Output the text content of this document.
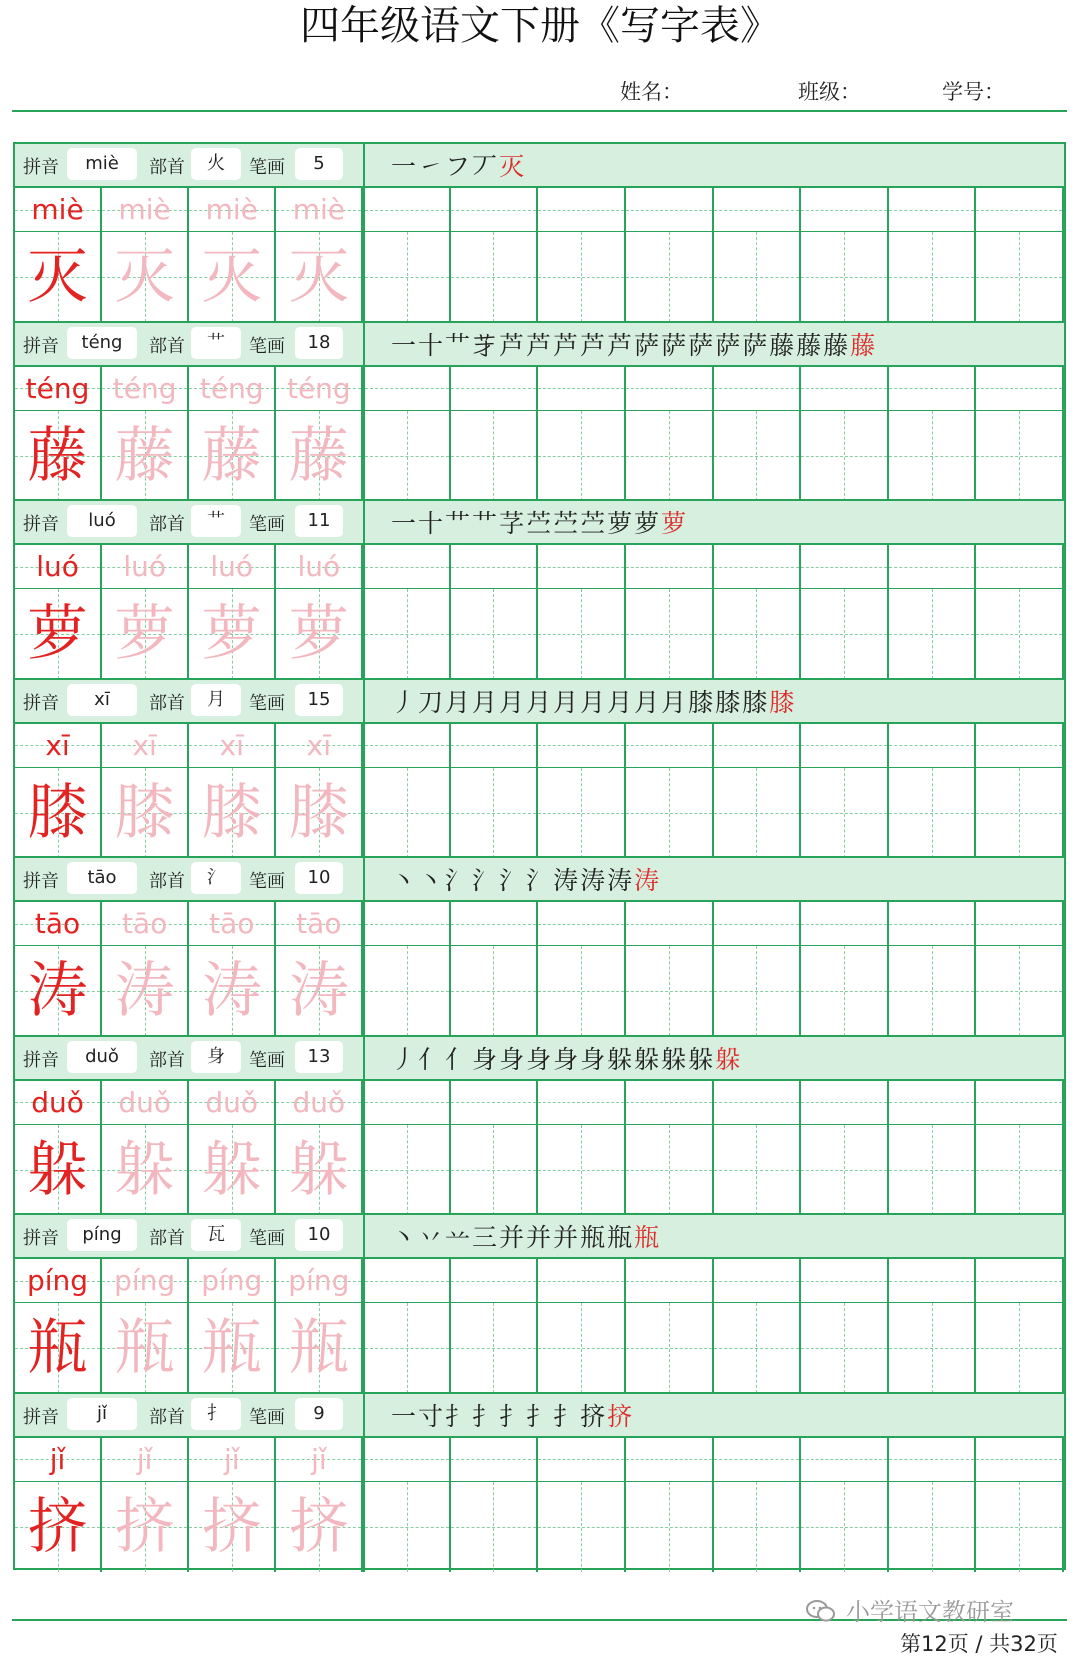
四年级语文下册《写字表》
姓名：	班级：	学号：
拼音	miè	部首	火	笔画	5	一㇀フ丆灭
miè
灭
miè
灭
miè
灭
miè
灭
拼音	téng	部首	艹	笔画	18	一十艹𦬁芦芦芦芦芦萨萨萨萨萨藤藤藤藤
téng
藤
téng
藤
téng
藤
téng
藤
拼音	luó	部首	艹	笔画	11	一十艹艹芓苎苎苎萝萝萝
luó
萝
luó
萝
luó
萝
luó
萝
拼音	xī	部首	月	笔画	15	丿刀月月月月月月月月月膝膝膝膝
xī
膝
xī
膝
xī
膝
xī
膝
拼音	tāo	部首	氵	笔画	10	丶丶氵氵氵氵涛涛涛涛
tāo
涛
tāo
涛
tāo
涛
tāo
涛
拼音	duǒ	部首	身	笔画	13	丿亻亻身身身身身躲躲躲躲躲
duǒ
躲
duǒ
躲
duǒ
躲
duǒ
躲
拼音	píng	部首	瓦	笔画	10	丶丷䒑三并并并瓶瓶瓶
píng
瓶
píng
瓶
píng
瓶
píng
瓶
拼音	jǐ	部首	扌	笔画	9	一寸扌扌扌扌扌挤挤
jǐ
挤
jǐ
挤
jǐ
挤
jǐ
挤
小学语文教研室
第12页 / 共32页
